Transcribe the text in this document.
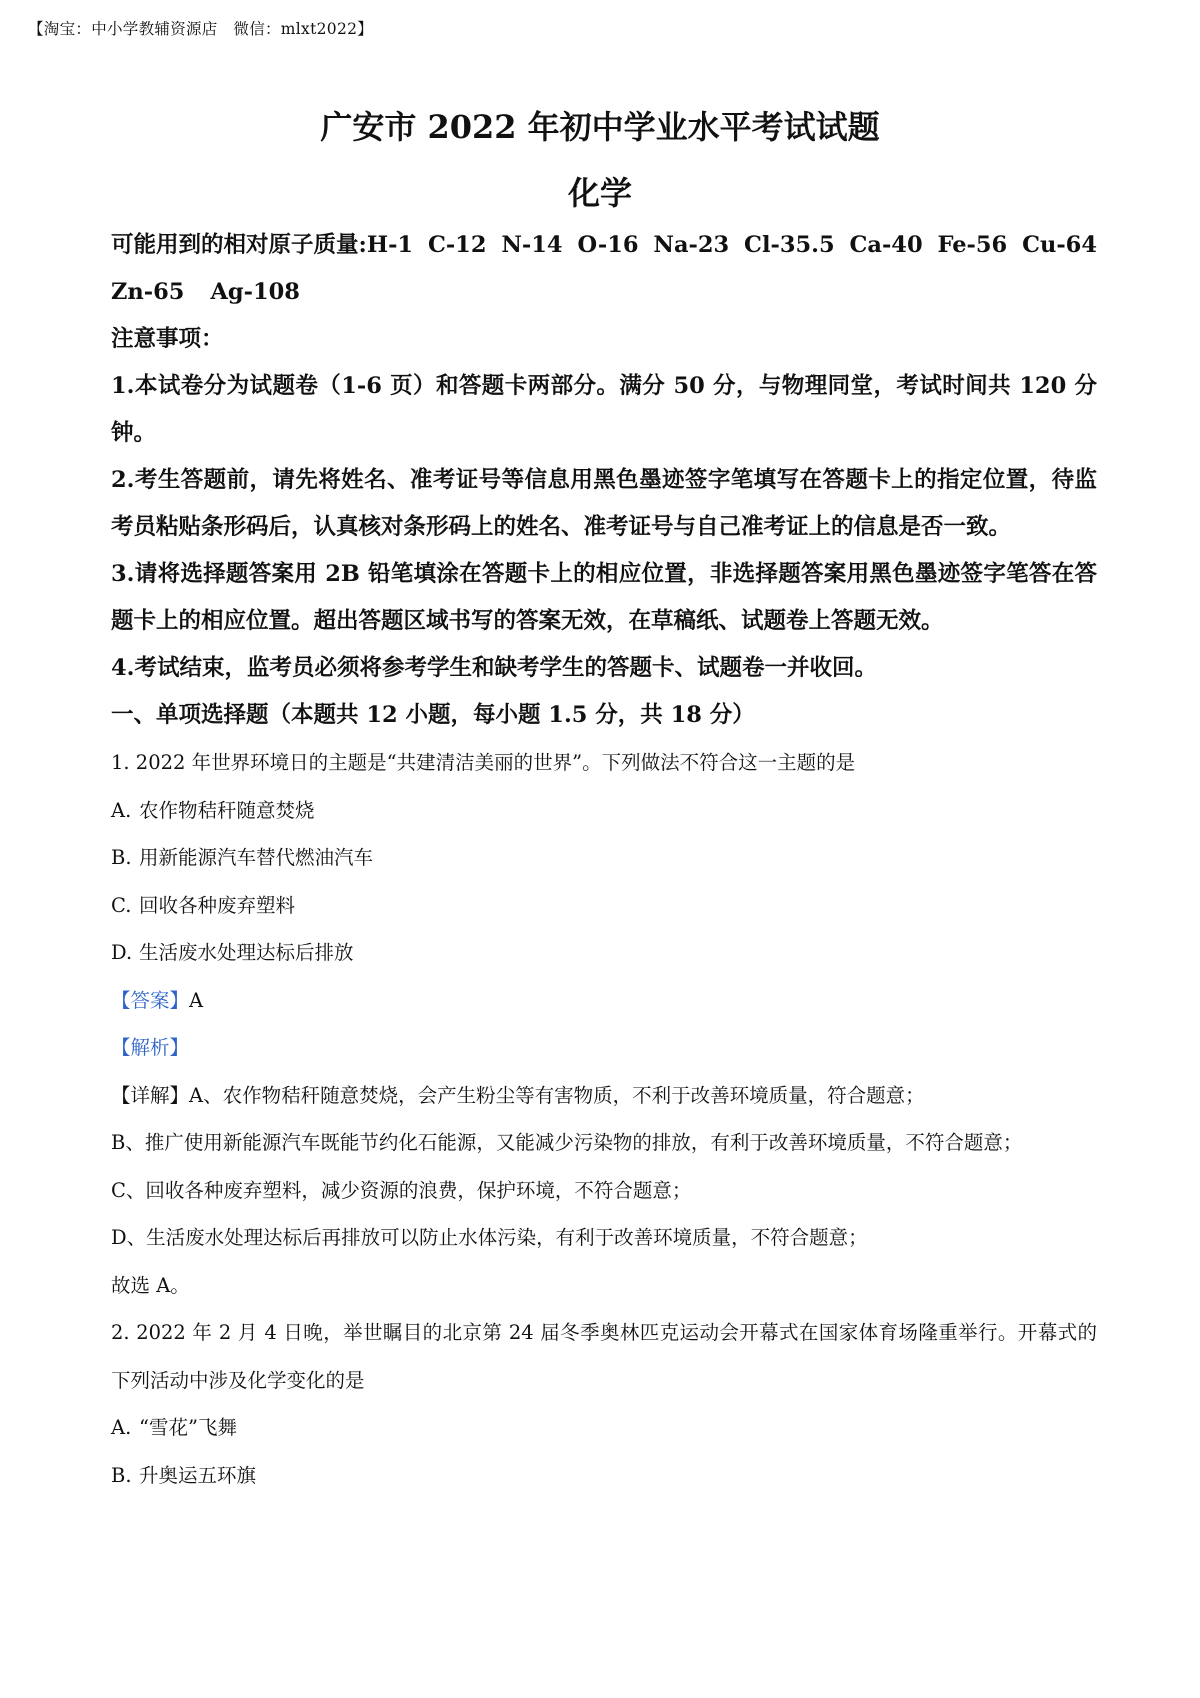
【淘宝：中小学教辅资源店　微信：mlxt2022】
广安市 2022 年初中学业水平考试试题
化学
可能用到的相对原子质量:H-1 C-12 N-14 O-16 Na-23 Cl-35.5 Ca-40 Fe-56 Cu-64
Zn-65 Ag-108

注意事项：

1.本试卷分为试题卷（1-6 页）和答题卡两部分。满分 50 分，与物理同堂，考试时间共 120 分钟。

2.考生答题前，请先将姓名、准考证号等信息用黑色墨迹签字笔填写在答题卡上的指定位置，待监考员粘贴条形码后，认真核对条形码上的姓名、准考证号与自己准考证上的信息是否一致。

3.请将选择题答案用 2B 铅笔填涂在答题卡上的相应位置，非选择题答案用黑色墨迹签字笔答在答题卡上的相应位置。超出答题区域书写的答案无效，在草稿纸、试题卷上答题无效。

4.考试结束，监考员必须将参考学生和缺考学生的答题卡、试题卷一并收回。

一、单项选择题（本题共 12 小题，每小题 1.5 分，共 18 分）

1. 2022 年世界环境日的主题是“共建清洁美丽的世界”。下列做法不符合这一主题的是

A. 农作物秸秆随意焚烧

B. 用新能源汽车替代燃油汽车

C. 回收各种废弃塑料

D. 生活废水处理达标后排放

【答案】A

【解析】

【详解】A、农作物秸秆随意焚烧，会产生粉尘等有害物质，不利于改善环境质量，符合题意；

B、推广使用新能源汽车既能节约化石能源，又能减少污染物的排放，有利于改善环境质量，不符合题意；

C、回收各种废弃塑料，减少资源的浪费，保护环境，不符合题意；

D、生活废水处理达标后再排放可以防止水体污染，有利于改善环境质量，不符合题意；

故选 A。

2. 2022 年 2 月 4 日晚，举世瞩目的北京第 24 届冬季奥林匹克运动会开幕式在国家体育场隆重举行。开幕式的下列活动中涉及化学变化的是

A. “雪花”飞舞

B. 升奥运五环旗
